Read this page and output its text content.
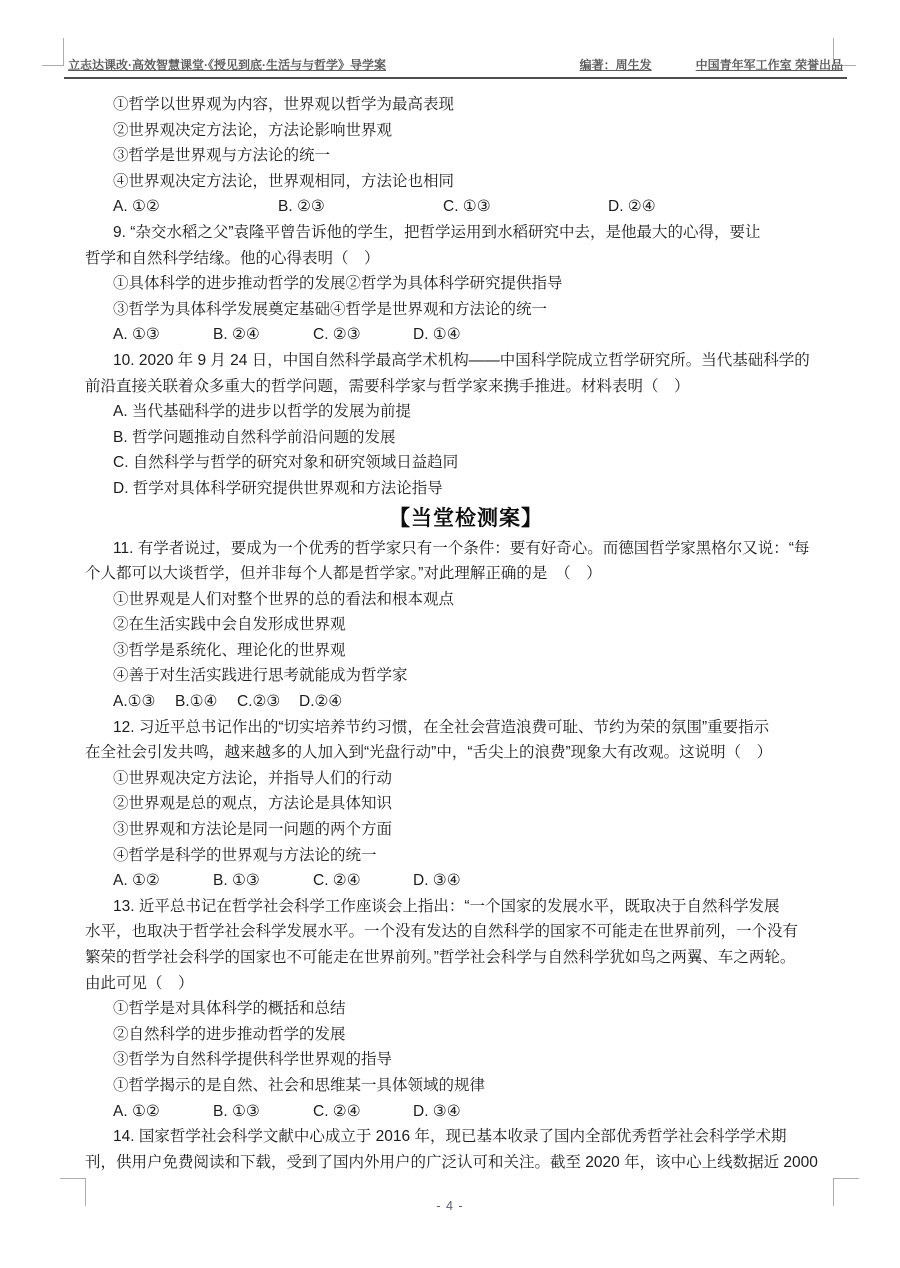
立志达课改·高效智慧课堂·《授见到底·生活与与哲学》导学案	编著：周生发	中国青年军工作室 荣誉出品
①哲学以世界观为内容，世界观以哲学为最高表现
②世界观决定方法论，方法论影响世界观
③哲学是世界观与方法论的统一
④世界观决定方法论，世界观相同，方法论也相同
A. ①②	B. ②③	C. ①③	D. ②④
9. “杂交水稻之父”袁隆平曾告诉他的学生，把哲学运用到水稻研究中去，是他最大的心得，要让
哲学和自然科学结缘。他的心得表明（　）
①具体科学的进步推动哲学的发展②哲学为具体科学研究提供指导
③哲学为具体科学发展奠定基础④哲学是世界观和方法论的统一
A. ①③	B. ②④	C. ②③	D. ①④
10. 2020 年 9 月 24 日，中国自然科学最高学术机构——中国科学院成立哲学研究所。当代基础科学的
前沿直接关联着众多重大的哲学问题，需要科学家与哲学家来携手推进。材料表明（　）
A. 当代基础科学的进步以哲学的发展为前提
B. 哲学问题推动自然科学前沿问题的发展
C. 自然科学与哲学的研究对象和研究领域日益趋同
D. 哲学对具体科学研究提供世界观和方法论指导
【当堂检测案】
11. 有学者说过，要成为一个优秀的哲学家只有一个条件：要有好奇心。而德国哲学家黑格尔又说：“每
个人都可以大谈哲学，但并非每个人都是哲学家。”对此理解正确的是　（　）
①世界观是人们对整个世界的总的看法和根本观点
②在生活实践中会自发形成世界观
③哲学是系统化、理论化的世界观
④善于对生活实践进行思考就能成为哲学家
A.①③ B.①④ C.②③ D.②④
12. 习近平总书记作出的“切实培养节约习惯，在全社会营造浪费可耻、节约为荣的氛围”重要指示
在全社会引发共鸣，越来越多的人加入到“光盘行动”中，“舌尖上的浪费”现象大有改观。这说明（　）
①世界观决定方法论，并指导人们的行动
②世界观是总的观点，方法论是具体知识
③世界观和方法论是同一问题的两个方面
④哲学是科学的世界观与方法论的统一
A. ①②	B. ①③	C. ②④	D. ③④
13. 近平总书记在哲学社会科学工作座谈会上指出：“一个国家的发展水平，既取决于自然科学发展
水平，也取决于哲学社会科学发展水平。一个没有发达的自然科学的国家不可能走在世界前列，一个没有
繁荣的哲学社会科学的国家也不可能走在世界前列。”哲学社会科学与自然科学犹如鸟之两翼、车之两轮。
由此可见（　）
①哲学是对具体科学的概括和总结
②自然科学的进步推动哲学的发展
③哲学为自然科学提供科学世界观的指导
①哲学揭示的是自然、社会和思维某一具体领域的规律
A. ①②	B. ①③	C. ②④	D. ③④
14. 国家哲学社会科学文献中心成立于 2016 年，现已基本收录了国内全部优秀哲学社会科学学术期
刊，供用户免费阅读和下载，受到了国内外用户的广泛认可和关注。截至 2020 年，该中心上线数据近 2000
- 4 -
